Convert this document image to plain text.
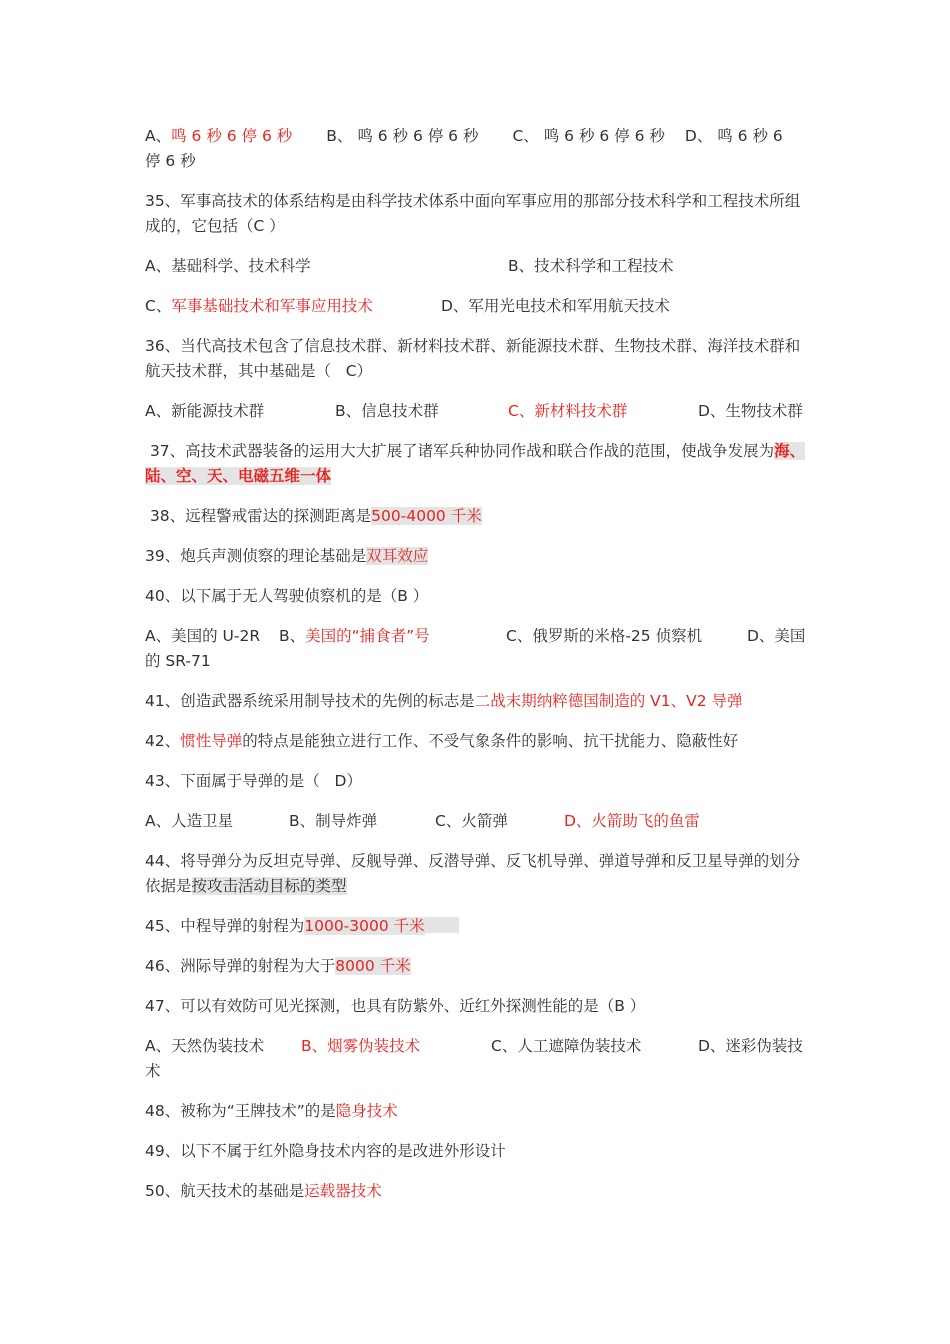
A、鸣 6 秒 6 停 6 秒 B、 鸣 6 秒 6 停 6 秒 C、 鸣 6 秒 6 停 6 秒 D、 鸣 6 秒 6

停 6 秒

35、军事高技术的体系结构是由科学技术体系中面向军事应用的那部分技术科学和工程技术所组成的，它包括（C ）

A、基础科学、技术科学	B、技术科学和工程技术

C、军事基础技术和军事应用技术	D、军用光电技术和军用航天技术

36、当代高技术包含了信息技术群、新材料技术群、新能源技术群、生物技术群、海洋技术群和航天技术群，其中基础是（   C）

A、新能源技术群	B、信息技术群	C、新材料技术群	D、生物技术群

37、高技术武器装备的运用大大扩展了诸军兵种协同作战和联合作战的范围，使战争发展为海、陆、空、天、电磁五维一体

38、远程警戒雷达的探测距离是500-4000 千米

39、炮兵声测侦察的理论基础是双耳效应

40、以下属于无人驾驶侦察机的是（B ）

A、美国的 U-2R	B、美国的“捕食者”号	C、俄罗斯的米格-25 侦察机	D、美国

的 SR-71

41、创造武器系统采用制导技术的先例的标志是二战末期纳粹德国制造的 V1、V2 导弹

42、惯性导弹的特点是能独立进行工作、不受气象条件的影响、抗干扰能力、隐蔽性好

43、下面属于导弹的是（   D）

A、人造卫星	B、制导炸弹	C、火箭弹	D、火箭助飞的鱼雷

44、将导弹分为反坦克导弹、反舰导弹、反潜导弹、反飞机导弹、弹道导弹和反卫星导弹的划分依据是按攻击活动目标的类型

45、中程导弹的射程为1000-3000 千米

46、洲际导弹的射程为大于8000 千米

47、可以有效防可见光探测，也具有防紫外、近红外探测性能的是（B ）

A、天然伪装技术	B、烟雾伪装技术	C、人工遮障伪装技术	D、迷彩伪装技

术

48、被称为“王牌技术”的是隐身技术

49、以下不属于红外隐身技术内容的是改进外形设计

50、航天技术的基础是运载器技术
